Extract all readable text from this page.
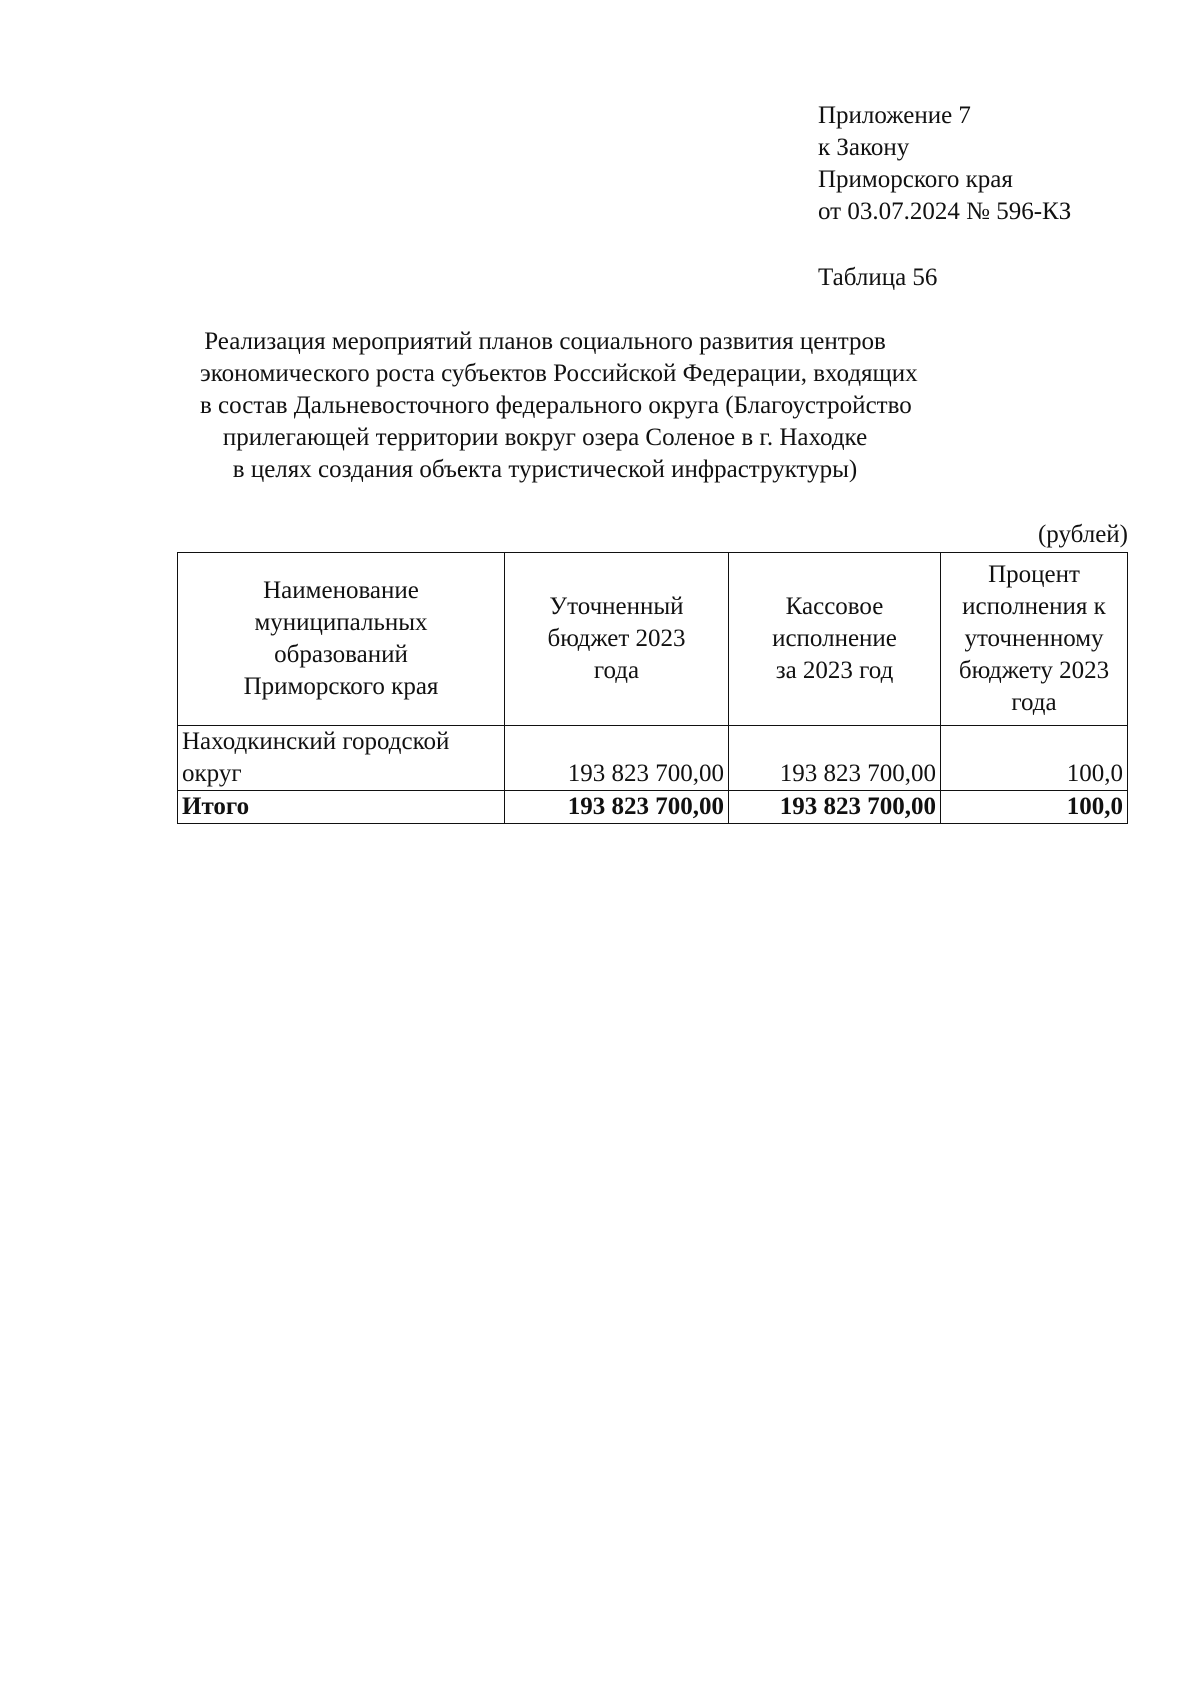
Приложение 7
к Закону
Приморского края
от 03.07.2024 № 596-КЗ
Таблица 56
Реализация мероприятий планов социального развития центров
экономического роста субъектов Российской Федерации, входящих
в состав Дальневосточного федерального округа (Благоустройство
прилегающей территории вокруг озера Соленое в г. Находке
в целях создания объекта туристической инфраструктуры)
(рублей)
Наименование муниципальных образований Приморского края	Уточненный бюджет 2023 года	Кассовое исполнение за 2023 год	Процент исполнения к уточненному бюджету 2023 года
Находкинский городской округ	193 823 700,00	193 823 700,00	100,0
Итого	193 823 700,00	193 823 700,00	100,0
